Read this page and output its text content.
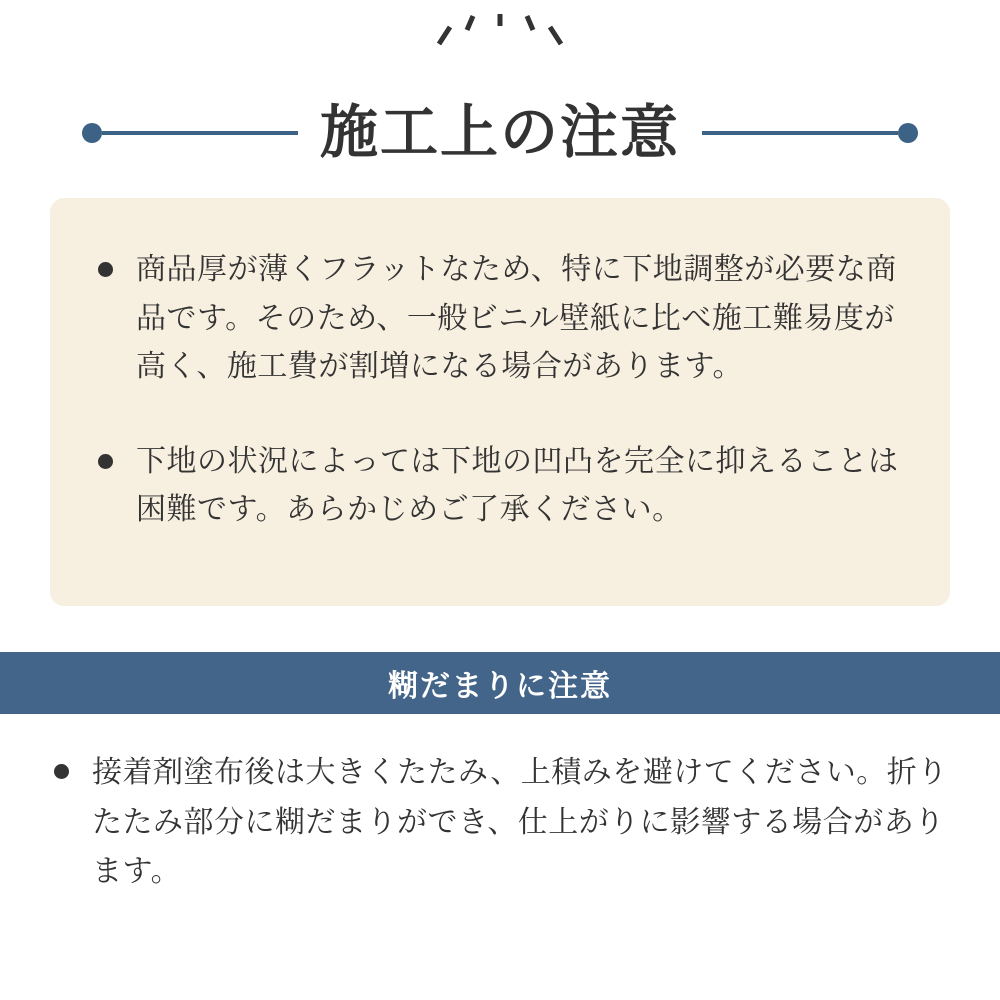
施工上の注意
商品厚が薄くフラットなため、特に下地調整が必要な商品です。そのため、一般ビニル壁紙に比べ施工難易度が高く、施工費が割増になる場合があります。
下地の状況によっては下地の凹凸を完全に抑えることは困難です。あらかじめご了承ください。
糊だまりに注意
接着剤塗布後は大きくたたみ、上積みを避けてください。折りたたみ部分に糊だまりができ、仕上がりに影響する場合があります。
